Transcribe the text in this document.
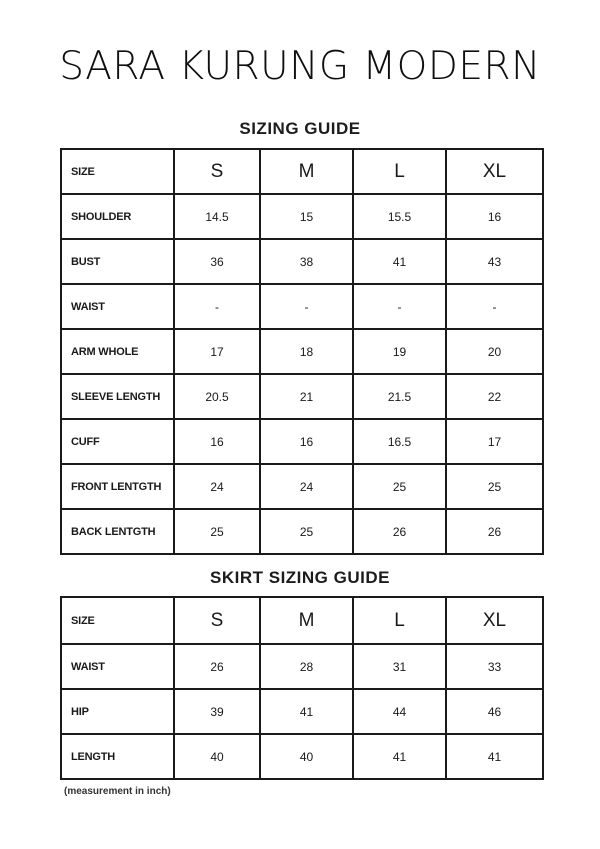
SARA KURUNG MODERN
SIZING GUIDE
SIZE	S	M	L	XL
SHOULDER	14.5	15	15.5	16
BUST	36	38	41	43
WAIST	-	-	-	-
ARM WHOLE	17	18	19	20
SLEEVE LENGTH	20.5	21	21.5	22
CUFF	16	16	16.5	17
FRONT LENTGTH	24	24	25	25
BACK LENTGTH	25	25	26	26
SKIRT SIZING GUIDE
SIZE	S	M	L	XL
WAIST	26	28	31	33
HIP	39	41	44	46
LENGTH	40	40	41	41
(measurement in inch)
